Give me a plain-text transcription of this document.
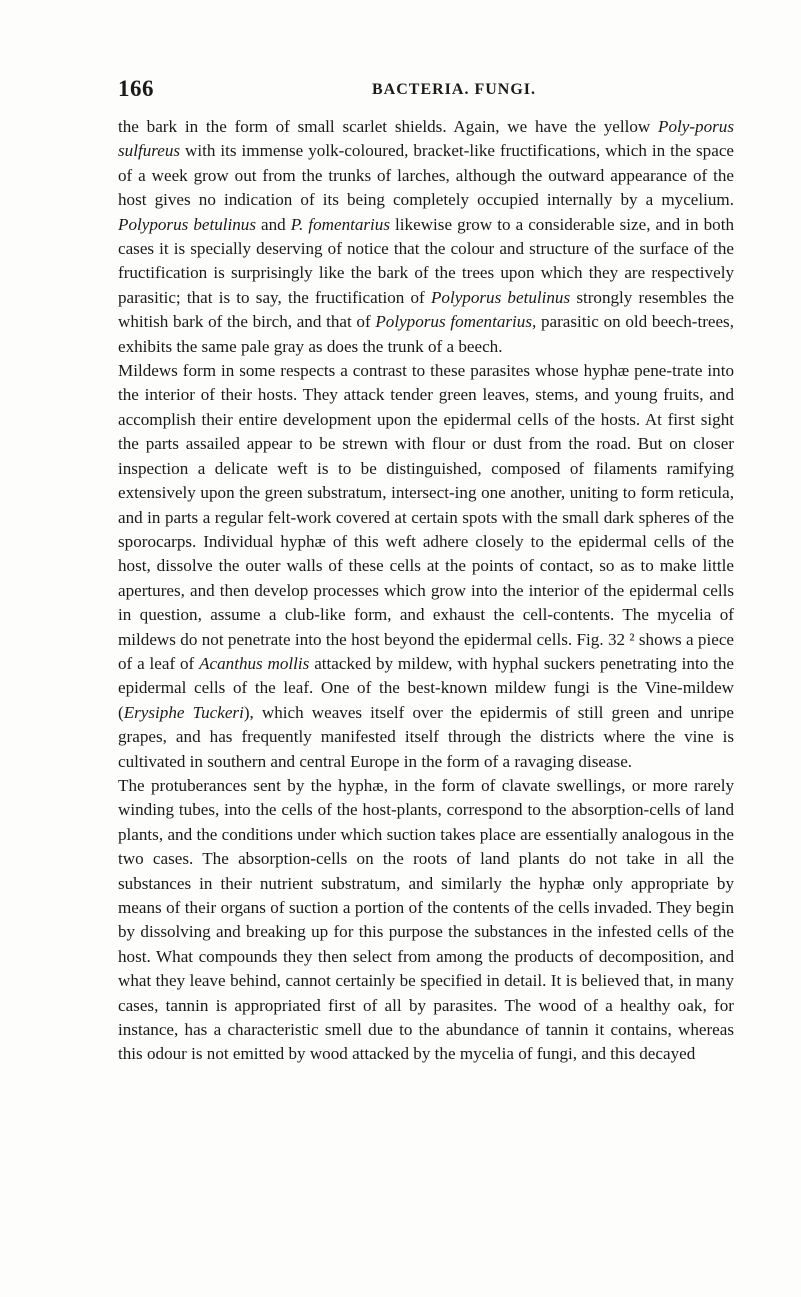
166	BACTERIA. FUNGI.

the bark in the form of small scarlet shields. Again, we have the yellow Poly-porus sulfureus with its immense yolk-coloured, bracket-like fructifications, which in the space of a week grow out from the trunks of larches, although the outward appearance of the host gives no indication of its being completely occupied internally by a mycelium. Polyporus betulinus and P. fomentarius likewise grow to a considerable size, and in both cases it is specially deserving of notice that the colour and structure of the surface of the fructification is surprisingly like the bark of the trees upon which they are respectively parasitic; that is to say, the fructification of Polyporus betulinus strongly resembles the whitish bark of the birch, and that of Polyporus fomentarius, parasitic on old beech-trees, exhibits the same pale gray as does the trunk of a beech.

Mildews form in some respects a contrast to these parasites whose hyphæ pene-trate into the interior of their hosts. They attack tender green leaves, stems, and young fruits, and accomplish their entire development upon the epidermal cells of the hosts. At first sight the parts assailed appear to be strewn with flour or dust from the road. But on closer inspection a delicate weft is to be distinguished, composed of filaments ramifying extensively upon the green substratum, intersect-ing one another, uniting to form reticula, and in parts a regular felt-work covered at certain spots with the small dark spheres of the sporocarps. Individual hyphæ of this weft adhere closely to the epidermal cells of the host, dissolve the outer walls of these cells at the points of contact, so as to make little apertures, and then develop processes which grow into the interior of the epidermal cells in question, assume a club-like form, and exhaust the cell-contents. The mycelia of mildews do not penetrate into the host beyond the epidermal cells. Fig. 32 ² shows a piece of a leaf of Acanthus mollis attacked by mildew, with hyphal suckers penetrating into the epidermal cells of the leaf. One of the best-known mildew fungi is the Vine-mildew (Erysiphe Tuckeri), which weaves itself over the epidermis of still green and unripe grapes, and has frequently manifested itself through the districts where the vine is cultivated in southern and central Europe in the form of a ravaging disease.

The protuberances sent by the hyphæ, in the form of clavate swellings, or more rarely winding tubes, into the cells of the host-plants, correspond to the absorption-cells of land plants, and the conditions under which suction takes place are essentially analogous in the two cases. The absorption-cells on the roots of land plants do not take in all the substances in their nutrient substratum, and similarly the hyphæ only appropriate by means of their organs of suction a portion of the contents of the cells invaded. They begin by dissolving and breaking up for this purpose the substances in the infested cells of the host. What compounds they then select from among the products of decomposition, and what they leave behind, cannot certainly be specified in detail. It is believed that, in many cases, tannin is appropriated first of all by parasites. The wood of a healthy oak, for instance, has a characteristic smell due to the abundance of tannin it contains, whereas this odour is not emitted by wood attacked by the mycelia of fungi, and this decayed
